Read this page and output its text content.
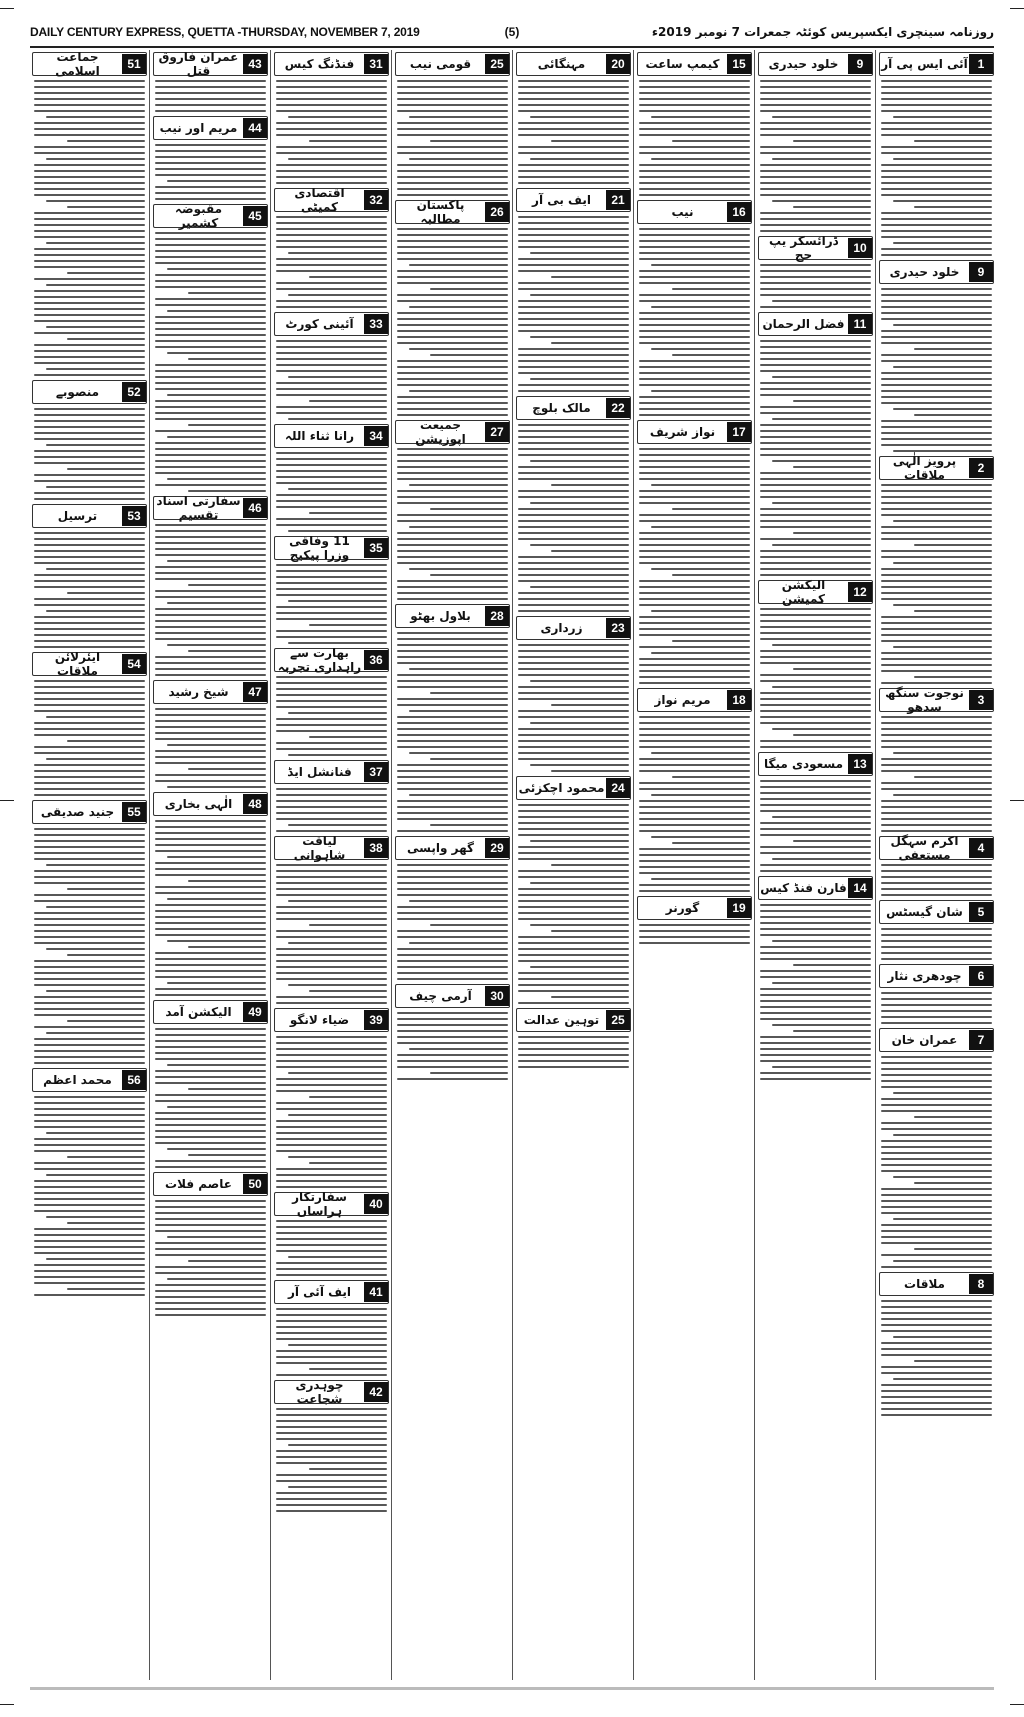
DAILY CENTURY EXPRESS, QUETTA -THURSDAY, NOVEMBER 7, 2019	(5)	روزنامہ سینچری ایکسپریس کوئٹہ جمعرات 7 نومبر 2019ء
1
آئی ایس پی آر
9
خلود حیدری
2
پرویز الٰہی ملاقات
3
نوجوت سنگھ سدھو
4
اکرم سہگل مستعفی
5
شان گیسٹس
6
چودھری نثار
7
عمران خان
8
ملاقات
9
خلود حیدری
10
ڈرائسکر یپ حج
11
فضل الرحمان
12
الیکشن کمیشن
13
مسعودی میگا
14
فارن فنڈ کیس
15
کیمپ ساعت
16
نیب
17
نواز شریف
18
مریم نواز
19
گورنر
20
مہنگائی
21
ایف بی آر
22
مالک بلوچ
23
زرداری
24
محمود اچکزئی
25
توہین عدالت
25
قومی نیب
26
پاکستان مطالبہ
27
جمیعت اپوزیشن
28
بلاول بھٹو
29
گھر واپسی
30
آرمی چیف
31
فنڈنگ کیس
32
اقتصادی کمیٹی
33
آئینی کورٹ
34
رانا ثناء اللہ
35
11 وفاقی وزرا پیکیج
36
بھارت سے راہداری تجربہ
37
فنانشل ایڈ
38
لیاقت شاہوانی
39
ضیاء لانگو
40
سفارتکار ہراساں
41
ایف آئی آر
42
چوہدری شجاعت
43
عمران فاروق قتل
44
مریم اور نیب
45
مقبوضہ کشمیر
46
سفارتی اسناد تقسیم
47
شیخ رشید
48
الٰہی بخاری
49
الیکشن آمد
50
عاصم فلات
51
جماعت اسلامی
52
منصوبے
53
ترسیل
54
ایئرلائن ملاقات
55
جنید صدیقی
56
محمد اعظم
